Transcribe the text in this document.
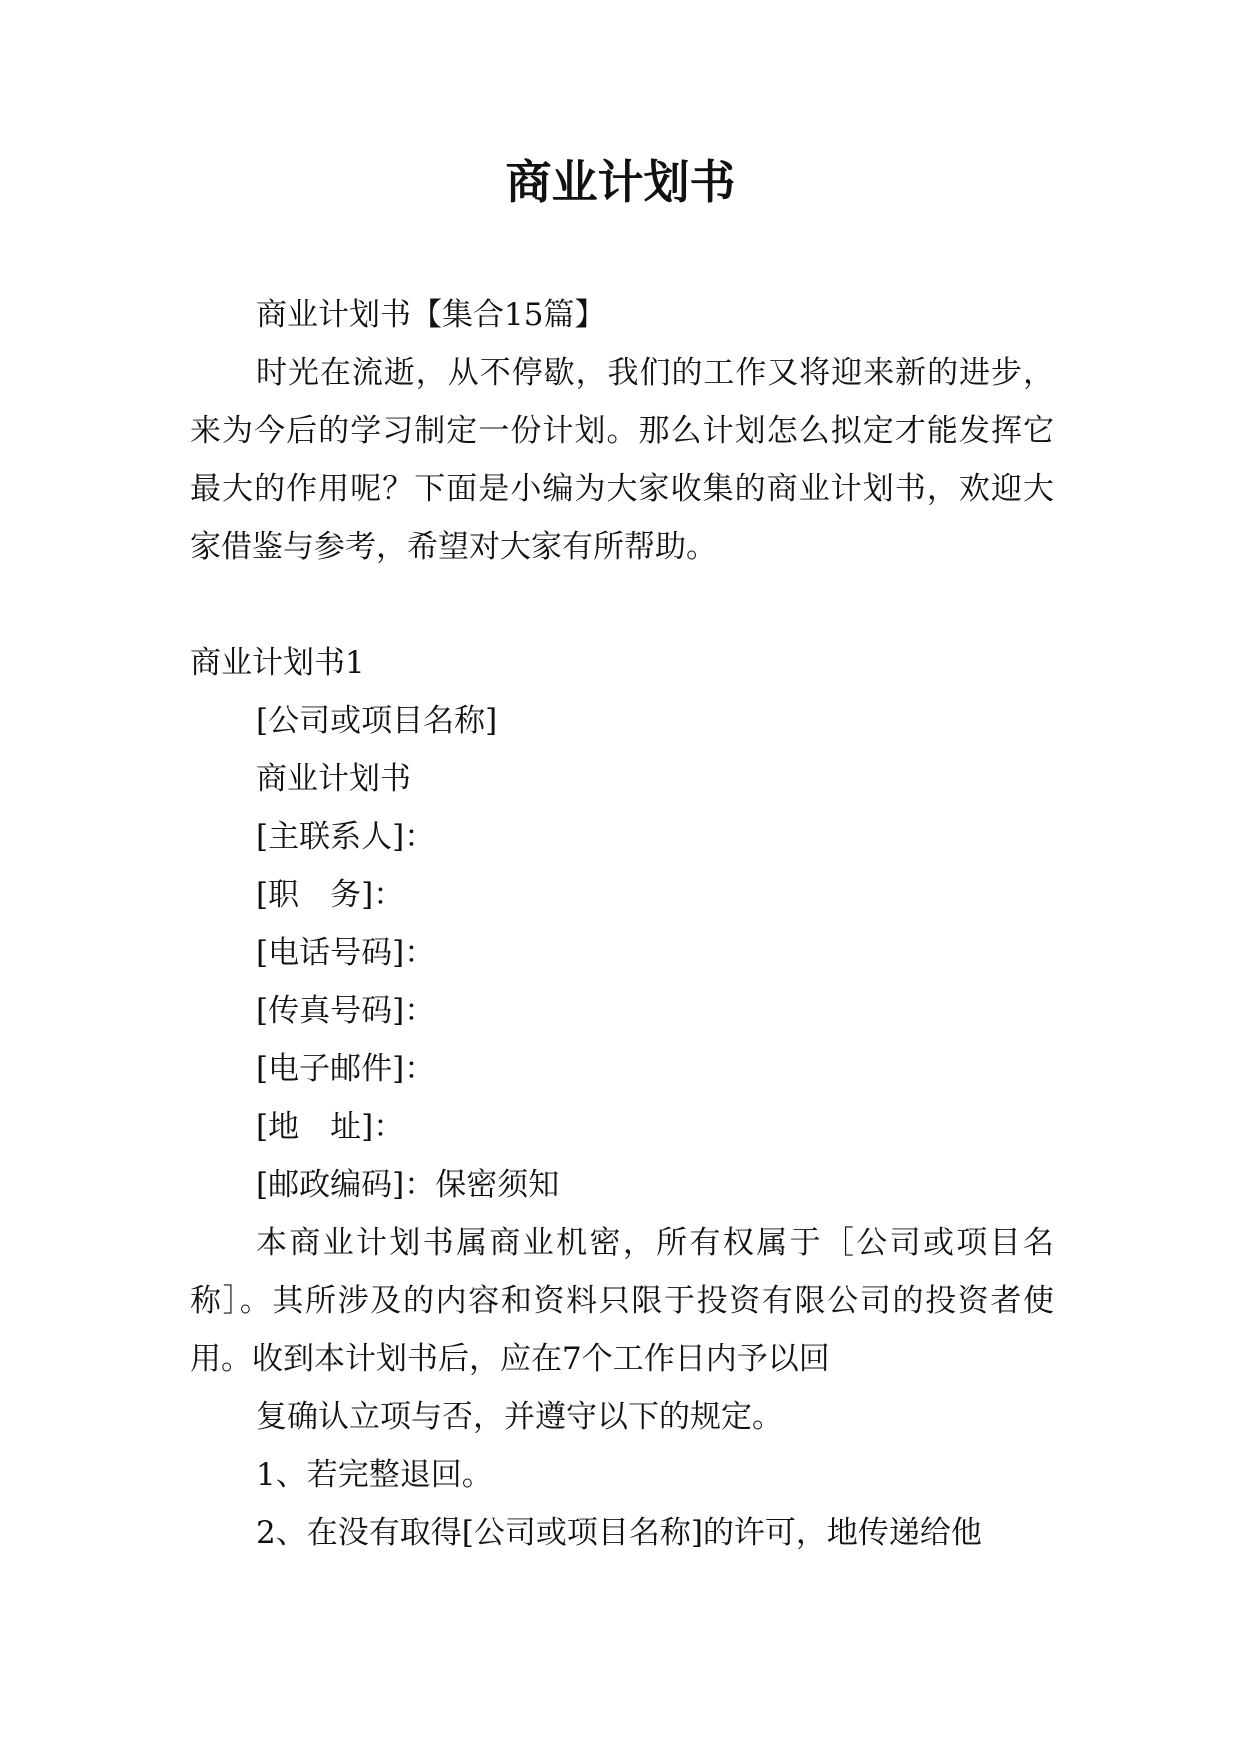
商业计划书

商业计划书【集合15篇】

时光在流逝，从不停歇，我们的工作又将迎来新的进步，来为今后的学习制定一份计划。那么计划怎么拟定才能发挥它最大的作用呢？下面是小编为大家收集的商业计划书，欢迎大家借鉴与参考，希望对大家有所帮助。

商业计划书1

[公司或项目名称]

商业计划书

[主联系人]：

[职　务]：

[电话号码]：

[传真号码]：

[电子邮件]：

[地　址]：

[邮政编码]：保密须知

本商业计划书属商业机密，所有权属于［公司或项目名称］。其所涉及的内容和资料只限于投资有限公司的投资者使用。收到本计划书后，应在7个工作日内予以回

复确认立项与否，并遵守以下的规定。

1、若完整退回。

2、在没有取得[公司或项目名称]的许可，地传递给他
